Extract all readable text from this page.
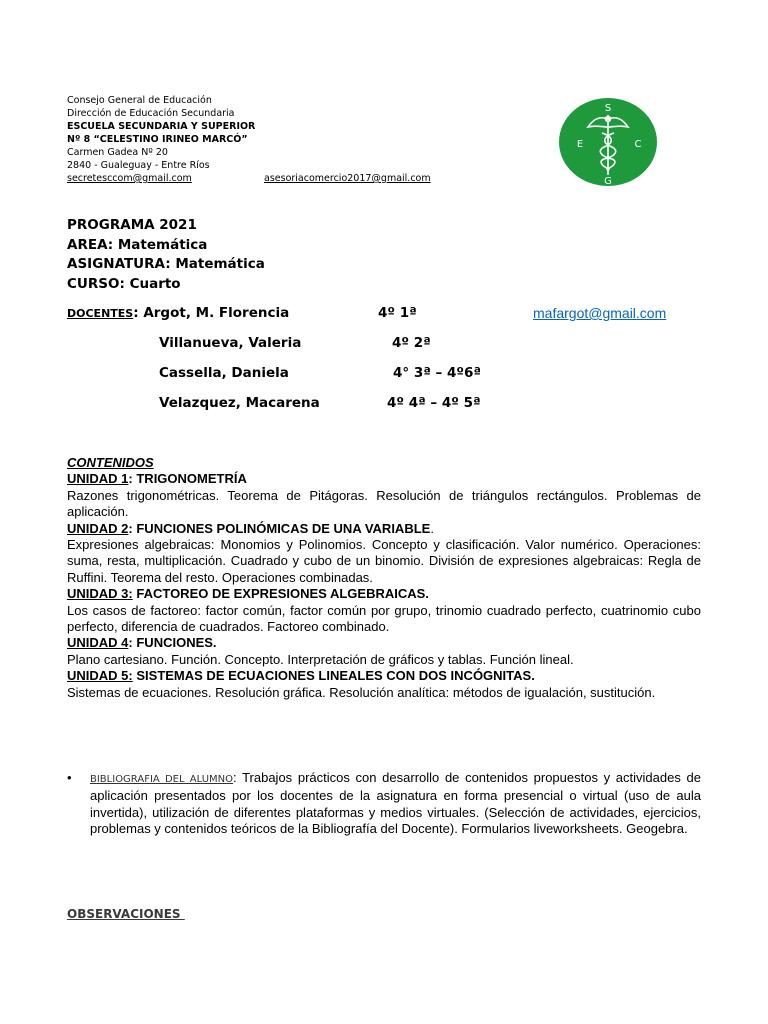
Consejo General de Educación
Dirección de Educación Secundaria
ESCUELA SECUNDARIA Y SUPERIOR
Nº 8 “CELESTINO IRINEO MARCÓ”
Carmen Gadea Nº 20
2840 - Gualeguay - Entre Ríos
secretesccom@gmail.com	asesoriacomercio2017@gmail.com
S
E	C
G
PROGRAMA 2021
AREA: Matemática
ASIGNATURA: Matemática
CURSO: Cuarto
DOCENTES: Argot, M. Florencia	4º 1ª	mafargot@gmail.com
Villanueva, Valeria	4º 2ª
Cassella, Daniela	4° 3ª – 4º6ª
Velazquez, Macarena	4º 4ª – 4º 5ª

CONTENIDOS

UNIDAD 1: TRIGONOMETRÍA

Razones trigonométricas. Teorema de Pitágoras. Resolución de triángulos rectángulos. Problemas de aplicación.

UNIDAD 2: FUNCIONES POLINÓMICAS DE UNA VARIABLE.

Expresiones algebraicas: Monomios y Polinomios. Concepto y clasificación. Valor numérico. Operaciones: suma, resta, multiplicación. Cuadrado y cubo de un binomio. División de expresiones algebraicas: Regla de Ruffini. Teorema del resto. Operaciones combinadas.

UNIDAD 3: FACTOREO DE EXPRESIONES ALGEBRAICAS.

Los casos de factoreo: factor común, factor común por grupo, trinomio cuadrado perfecto, cuatrinomio cubo perfecto, diferencia de cuadrados. Factoreo combinado.

UNIDAD 4: FUNCIONES.

Plano cartesiano. Función. Concepto. Interpretación de gráficos y tablas. Función lineal.

UNIDAD 5: SISTEMAS DE ECUACIONES LINEALES CON DOS INCÓGNITAS.

Sistemas de ecuaciones. Resolución gráfica. Resolución analítica: métodos de igualación, sustitución.

• BIBLIOGRAFIA DEL ALUMNO: Trabajos prácticos con desarrollo de contenidos propuestos y actividades de aplicación presentados por los docentes de la asignatura en forma presencial o virtual (uso de aula invertida), utilización de diferentes plataformas y medios virtuales. (Selección de actividades, ejercicios, problemas y contenidos teóricos de la Bibliografía del Docente). Formularios liveworksheets. Geogebra.
OBSERVACIONES
